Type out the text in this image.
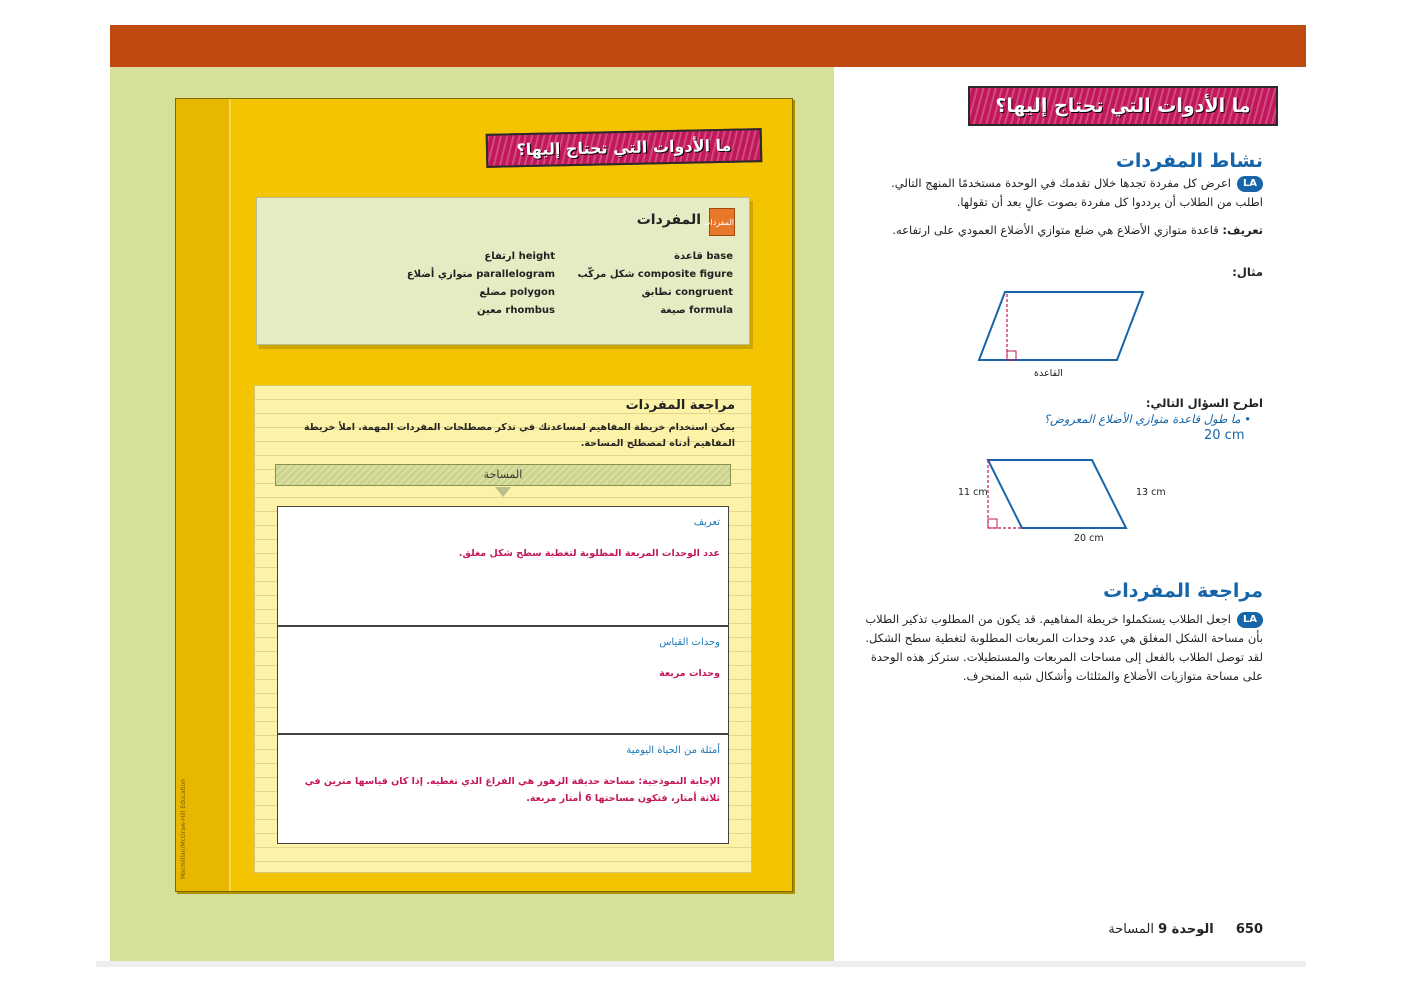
Macmillan/McGraw-Hill Education
ما الأدوات التي تحتاج إليها؟
المفردات
المفردات
base قاعدة
composite figure شكل مركّب
congruent تطابق
formula صيغة
height ارتفاع
parallelogram متوازي أضلاع
polygon مضلع
rhombus معين
مراجعة المفردات
يمكن استخدام خريطة المفاهيم لمساعدتك في تذكر مصطلحات المفردات المهمة. املأ خريطة المفاهيم أدناه لمصطلح المساحة.
المساحة
تعريف
عدد الوحدات المربعة المطلوبة لتغطية سطح شكل مغلق.
وحدات القياس
وحدات مربعة
أمثلة من الحياة اليومية
الإجابة النموذجية: مساحة حديقة الزهور هي الفراغ الذي تغطيه. إذا كان قياسها مترين في ثلاثة أمتار، فتكون مساحتها 6 أمتار مربعة.
ما الأدوات التي تحتاج إليها؟
نشاط المفردات
LAاعرض كل مفردة تجدها خلال تقدمك في الوحدة مستخدمًا المنهج التالي. اطلب من الطلاب أن يرددوا كل مفردة بصوت عالٍ بعد أن تقولها.
تعريف: قاعدة متوازي الأضلاع هي ضلع متوازي الأضلاع العمودي على ارتفاعه.
مثال:
القاعدة
اطرح السؤال التالي:
• ما طول قاعدة متوازي الأضلاع المعروض؟
20 cm
11 cm	13 cm
20 cm
مراجعة المفردات
LAاجعل الطلاب يستكملوا خريطة المفاهيم. قد يكون من المطلوب تذكير الطلاب بأن مساحة الشكل المغلق هي عدد وحدات المربعات المطلوبة لتغطية سطح الشكل. لقد توصل الطلاب بالفعل إلى مساحات المربعات والمستطيلات. ستركز هذه الوحدة على مساحة متوازيات الأضلاع والمثلثات وأشكال شبه المنحرف.
650 الوحدة 9 المساحة
